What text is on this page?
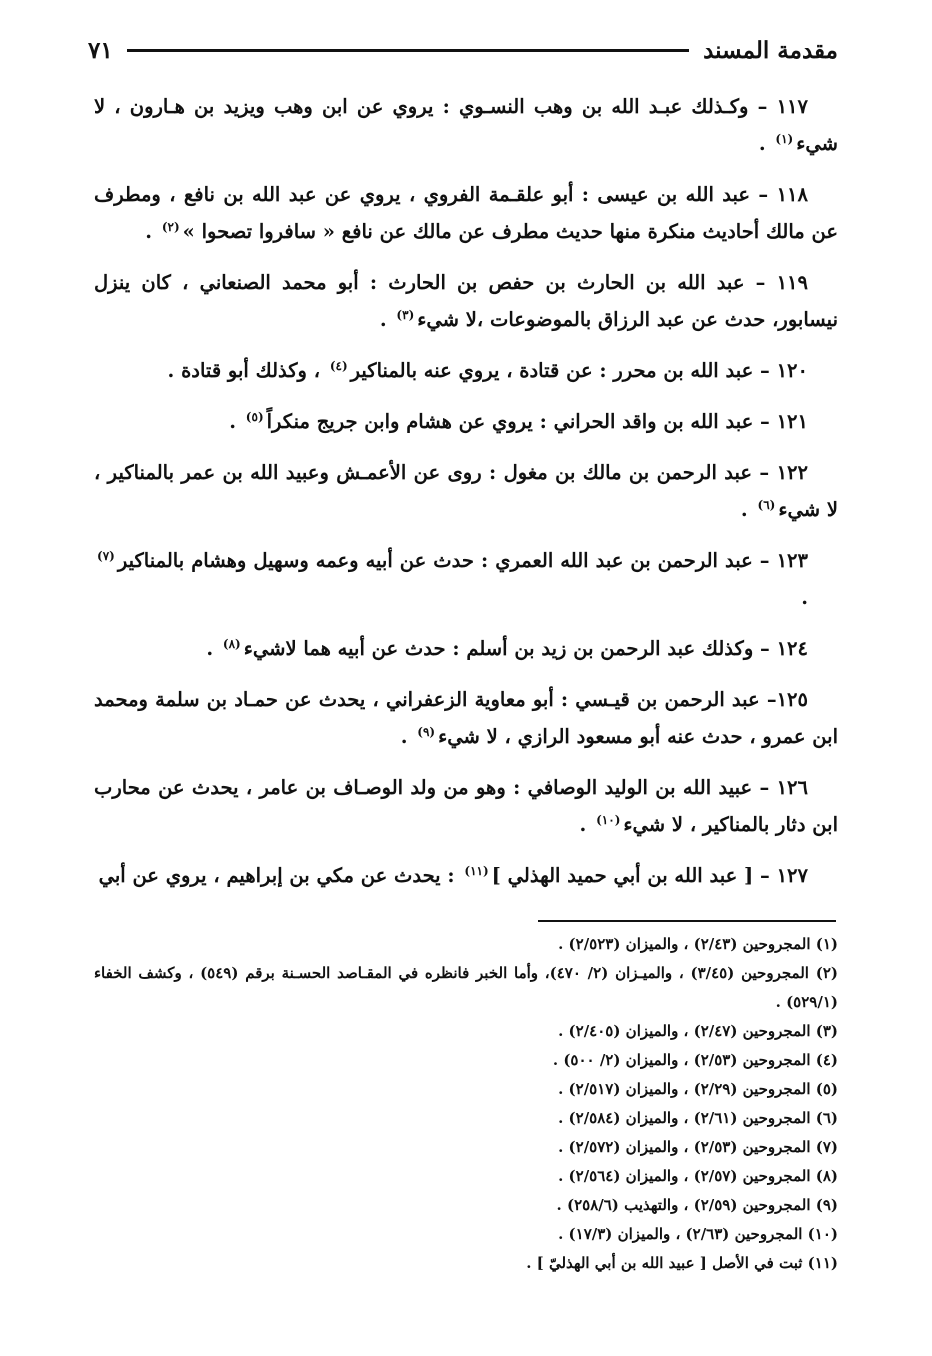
مقدمة المسند
٧١

١١٧ – وكـذلك عبـد الله بن وهب النسـوي : يروي عن ابن وهب ويزيد بن هـارون ، لا شيء$^{(١)}$ .

١١٨ – عبد الله بن عيسى : أبو علقـمة الفروي ، يروي عن عبد الله بن نافع ، ومطرف عن مالك أحاديث منكرة منها حديث مطرف عن مالك عن نافع « سافروا تصحوا »$^{(٢)}$ .

١١٩ – عبد الله بن الحارث بن حفص بن الحارث : أبو محمد الصنعاني ، كان ينزل نيسابور، حدث عن عبد الرزاق بالموضوعات ،لا شيء$^{(٣)}$ .

١٢٠ – عبد الله بن محرر : عن قتادة ، يروي عنه بالمناكير$^{(٤)}$ ، وكذلك أبو قتادة .

١٢١ – عبد الله بن واقد الحراني : يروي عن هشام وابن جريج منكراً$^{(٥)}$ .

١٢٢ – عبد الرحمن بن مالك بن مغول : روى عن الأعمـش وعبيد الله بن عمر بالمناكير ، لا شيء$^{(٦)}$ .

١٢٣ – عبد الرحمن بن عبد الله العمري : حدث عن أبيه وعمه وسهيل وهشام بالمناكير$^{(٧)}$ .

١٢٤ – وكذلك عبد الرحمن بن زيد بن أسلم : حدث عن أبيه هما لاشيء$^{(٨)}$ .

١٢٥– عبد الرحمن بن قيـسي : أبو معاوية الزعفراني ، يحدث عن حمـاد بن سلمة ومحمد ابن عمرو ، حدث عنه أبو مسعود الرازي ، لا شيء$^{(٩)}$ .

١٢٦ – عبيد الله بن الوليد الوصافي : وهو من ولد الوصـاف بن عامر ، يحدث عن محارب ابن دثار بالمناكير ، لا شيء$^{(١٠)}$ .

١٢٧ – [ عبد الله بن أبي حميد الهذلي ]$^{(١١)}$ : يحدث عن مكي بن إبراهيم ، يروي عن أبي

(١) المجروحين (٢/٤٣) ، والميزان (٢/٥٢٣) .
(٢) المجروحين (٣/٤٥) ، والميـزان (٢/ ٤٧٠)، وأما الخبر فانظره في المقـاصد الحسـنة برقم (٥٤٩) ، وكشف الخفاء (٥٢٩/١) .
(٣) المجروحين (٢/٤٧) ، والميزان (٢/٤٠٥) .
(٤) المجروحين (٢/٥٣) ، والميزان (٢/ ٥٠٠) .
(٥) المجروحين (٢/٢٩) ، والميزان (٢/٥١٧) .
(٦) المجروحين (٢/٦١) ، والميزان (٢/٥٨٤) .
(٧) المجروحين (٢/٥٣) ، والميزان (٢/٥٧٢) .
(٨) المجروحين (٢/٥٧) ، والميزان (٢/٥٦٤) .
(٩) المجروحين (٢/٥٩) ، والتهذيب (٢٥٨/٦) .
(١٠) المجروحين (٢/٦٣) ، والميزان (١٧/٣) .
(١١) ثبت في الأصل [ عبيد الله بن أبي الهذليّ ] .
